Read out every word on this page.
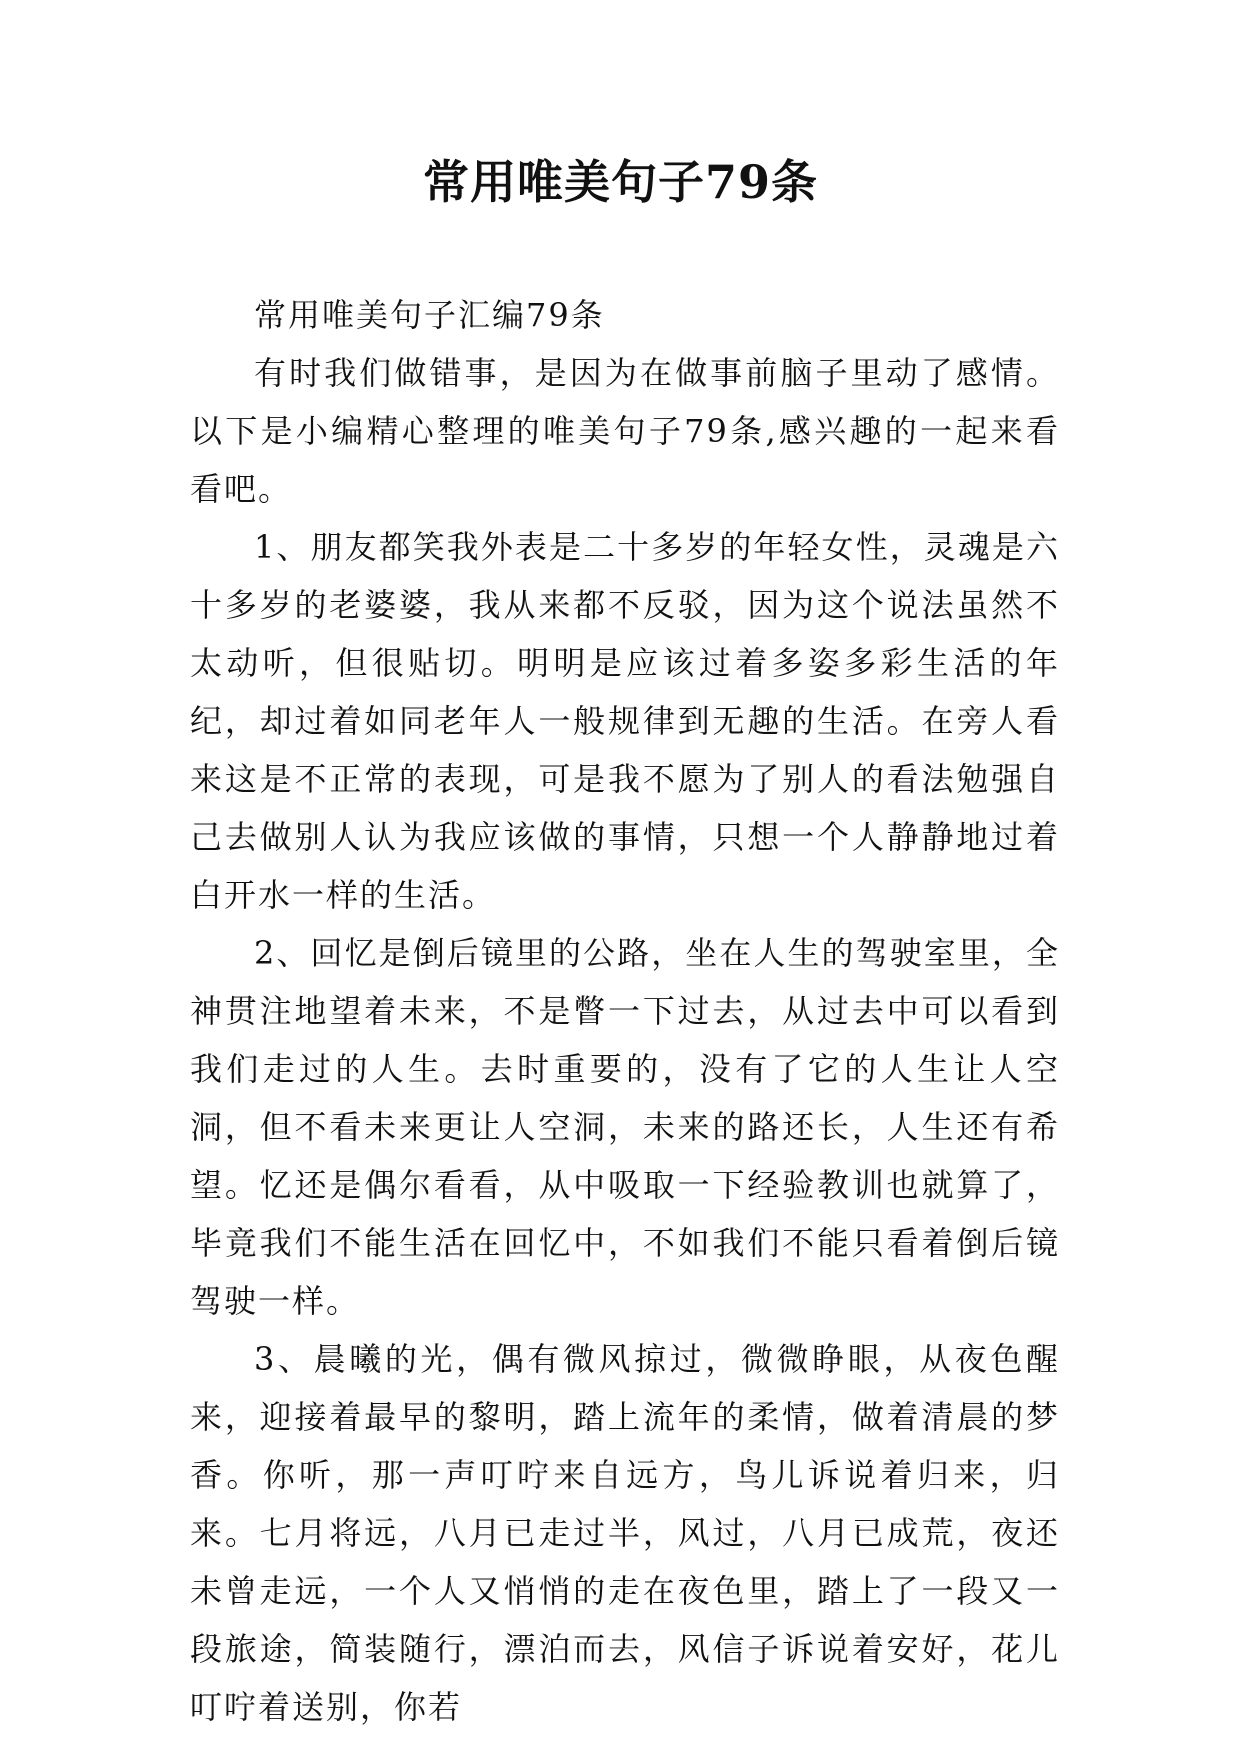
常用唯美句子79条

常用唯美句子汇编79条

有时我们做错事，是因为在做事前脑子里动了感情。以下是小编精心整理的唯美句子79条,感兴趣的一起来看看吧。

1、朋友都笑我外表是二十多岁的年轻女性，灵魂是六十多岁的老婆婆，我从来都不反驳，因为这个说法虽然不太动听，但很贴切。明明是应该过着多姿多彩生活的年纪，却过着如同老年人一般规律到无趣的生活。在旁人看来这是不正常的表现，可是我不愿为了别人的看法勉强自己去做别人认为我应该做的事情，只想一个人静静地过着白开水一样的生活。

2、回忆是倒后镜里的公路，坐在人生的驾驶室里，全神贯注地望着未来，不是瞥一下过去，从过去中可以看到我们走过的人生。去时重要的，没有了它的人生让人空洞，但不看未来更让人空洞，未来的路还长，人生还有希望。忆还是偶尔看看，从中吸取一下经验教训也就算了，毕竟我们不能生活在回忆中，不如我们不能只看着倒后镜驾驶一样。

3、晨曦的光，偶有微风掠过，微微睁眼，从夜色醒来，迎接着最早的黎明，踏上流年的柔情，做着清晨的梦香。你听，那一声叮咛来自远方，鸟儿诉说着归来，归来。七月将远，八月已走过半，风过，八月已成荒，夜还未曾走远，一个人又悄悄的走在夜色里，踏上了一段又一段旅途，简装随行，漂泊而去，风信子诉说着安好，花儿叮咛着送别，你若
